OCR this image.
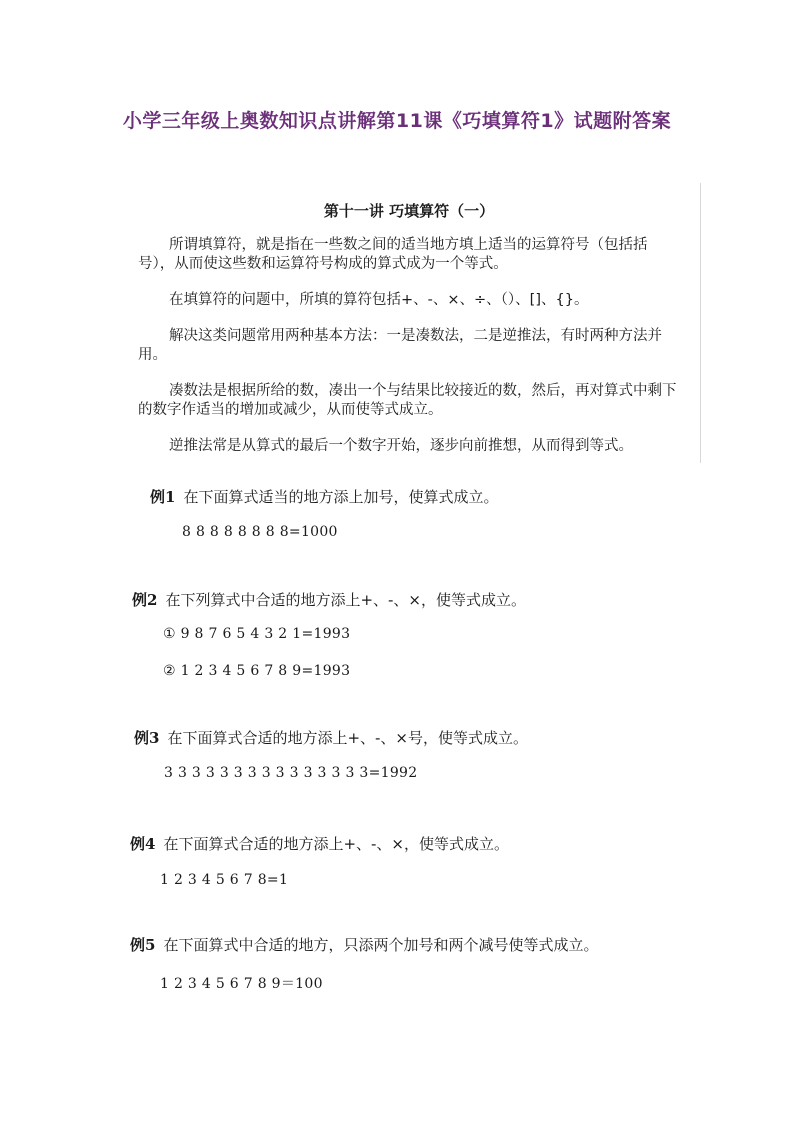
小学三年级上奥数知识点讲解第11课《巧填算符1》试题附答案
第十一讲 巧填算符（一）

所谓填算符，就是指在一些数之间的适当地方填上适当的运算符号（包括括号），从而使这些数和运算符号构成的算式成为一个等式。

在填算符的问题中，所填的算符包括+、-、×、÷、（）、[]、{}。

解决这类问题常用两种基本方法：一是凑数法，二是逆推法，有时两种方法并用。

凑数法是根据所给的数，凑出一个与结果比较接近的数，然后，再对算式中剩下的数字作适当的增加或减少，从而使等式成立。

逆推法常是从算式的最后一个数字开始，逐步向前推想，从而得到等式。

例1 在下面算式适当的地方添上加号，使算式成立。
8 8 8 8 8 8 8 8=1000
例2 在下列算式中合适的地方添上+、-、×，使等式成立。
① 9 8 7 6 5 4 3 2 1=1993
② 1 2 3 4 5 6 7 8 9=1993
例3 在下面算式合适的地方添上+、-、×号，使等式成立。
3 3 3 3 3 3 3 3 3 3 3 3 3 3 3=1992
例4 在下面算式合适的地方添上+、-、×，使等式成立。
1 2 3 4 5 6 7 8=1
例5 在下面算式中合适的地方，只添两个加号和两个减号使等式成立。
1 2 3 4 5 6 7 8 9＝100
